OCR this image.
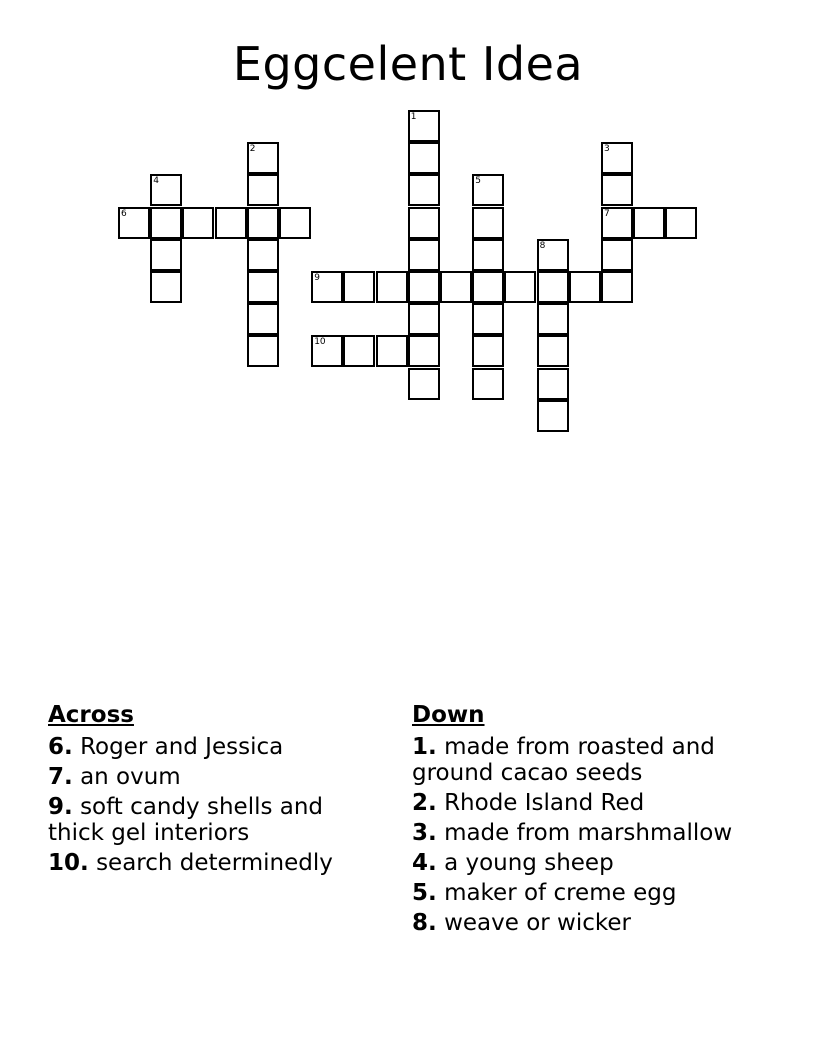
Eggcelent Idea
1
2	3
7
4	5
6
8
9
10
Across
6. Roger and Jessica
7. an ovum
9. soft candy shells and thick gel interiors
10. search determinedly
Down
1. made from roasted and ground cacao seeds
2. Rhode Island Red
3. made from marshmallow
4. a young sheep
5. maker of creme egg
8. weave or wicker
